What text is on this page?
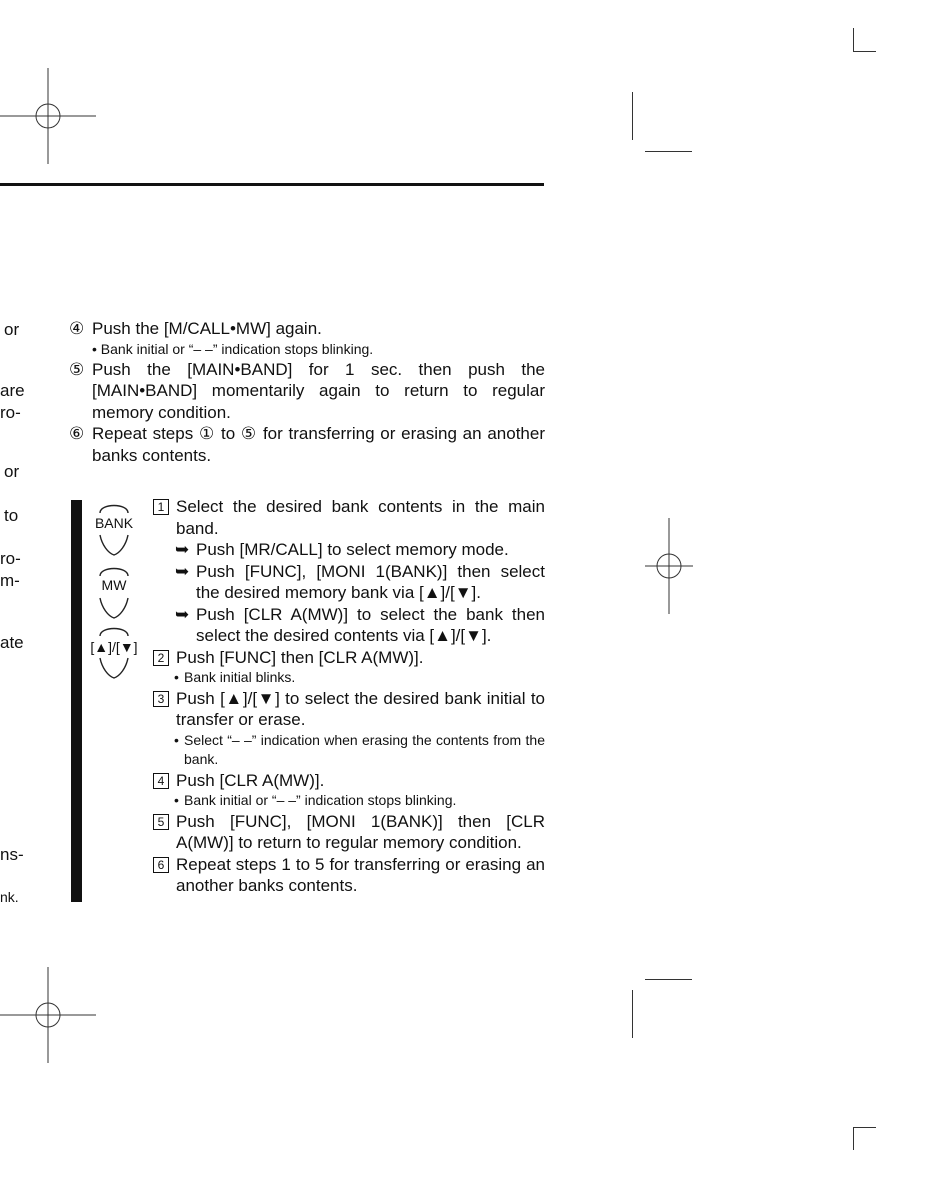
or
are
ro-
or
to
ro-
m-
ate
ns-
nk.
④ Push the [M/CALL•MW] again.
• Bank initial or “– –” indication stops blinking.
⑤ Push the [MAIN•BAND] for 1 sec. then push the [MAIN•BAND] momentarily again to return to regular memory condition.
⑥ Repeat steps ① to ⑤ for transferring or erasing an another banks contents.
BANK
MW
[▲]/[▼]
1 Select the desired bank contents in the main band.
➥ Push [MR/CALL] to select memory mode.
➥ Push [FUNC], [MONI 1(BANK)] then select the desired memory bank via [▲]/[▼].
➥ Push [CLR A(MW)] to select the bank then select the desired contents via [▲]/[▼].
2 Push [FUNC] then [CLR A(MW)].
• Bank initial blinks.
3 Push [▲]/[▼] to select the desired bank initial to transfer or erase.
• Select “– –” indication when erasing the contents from the bank.
4 Push [CLR A(MW)].
• Bank initial or “– –” indication stops blinking.
5 Push [FUNC], [MONI 1(BANK)] then [CLR A(MW)] to return to regular memory condition.
6 Repeat steps 1 to 5 for transferring or erasing an another banks contents.
